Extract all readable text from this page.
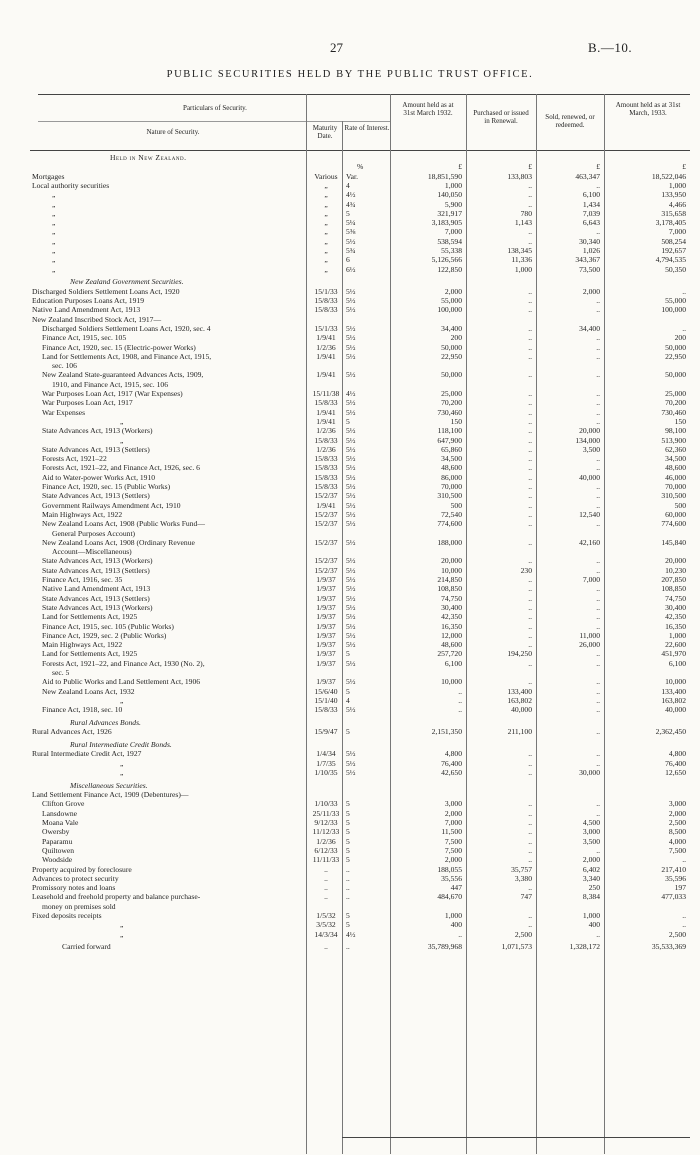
27	B.—10.
PUBLIC SECURITIES HELD BY THE PUBLIC TRUST OFFICE.
Particulars of Security.
Nature of Security.	Maturity Date.
Rate of Interest.
Amount held as at 31st March 1932.	Purchased or issued in Renewal.	Sold, renewed, or redeemed.
Amount held as at 31st March, 1933.
Held in New Zealand.
%	£	£	£	£
Mortgages	Various	Var.	18,851,590	133,803	463,347	18,522,046
Local authority securities	„	4	1,000	..	..	1,000
„	„	4½	140,050	..	6,100	133,950
„	„	4¾	5,900	..	1,434	4,466
„	„	5	321,917	780	7,039	315,658
„	„	5¼	3,183,905	1,143	6,643	3,178,405
„	„	5⅜	7,000	..	..	7,000
„	„	5½	538,594	..	30,340	508,254
„	„	5¾	55,338	138,345	1,026	192,657
„	„	6	5,126,566	11,336	343,367	4,794,535
„	„	6½	122,850	1,000	73,500	50,350
New Zealand Government Securities.
Discharged Soldiers Settlement Loans Act, 1920	15/1/33	5½	2,000	..	2,000	..
Education Purposes Loans Act, 1919	15/8/33	5½	55,000	..	..	55,000
Native Land Amendment Act, 1913	15/8/33	5½	100,000	..	..	100,000
New Zealand Inscribed Stock Act, 1917—
Discharged Soldiers Settlement Loans Act, 1920, sec. 4	15/1/33	5½	34,400	..	34,400	..
Finance Act, 1915, sec. 105	1/9/41	5½	200	..	..	200
Finance Act, 1920, sec. 15 (Electric-power Works)	1/2/36	5½	50,000	..	..	50,000
Land for Settlements Act, 1908, and Finance Act, 1915,	1/9/41	5½	22,950	..	..	22,950
sec. 106
New Zealand State-guaranteed Advances Acts, 1909,	1/9/41	5½	50,000	..	..	50,000
1910, and Finance Act, 1915, sec. 106
War Purposes Loan Act, 1917 (War Expenses)	15/11/38 4½	25,000	..	..	25,000
War Purposes Loan Act, 1917	15/8/33	5½	70,200	..	..	70,200
War Expenses	1/9/41	5½	730,460	..	..	730,460
„	1/9/41	5	150	..	..	150
State Advances Act, 1913 (Workers)	1/2/36	5½	118,100	..	20,000	98,100
„	15/8/33	5½	647,900	..	134,000	513,900
State Advances Act, 1913 (Settlers)	1/2/36	5½	65,860	..	3,500	62,360
Forests Act, 1921–22	15/8/33	5½	34,500	..	..	34,500
Forests Act, 1921–22, and Finance Act, 1926, sec. 6	15/8/33	5½	48,600	..	..	48,600
Aid to Water-power Works Act, 1910	15/8/33	5½	86,000	..	40,000	46,000
Finance Act, 1920, sec. 15 (Public Works)	15/8/33	5½	70,000	..	..	70,000
State Advances Act, 1913 (Settlers)	15/2/37	5½	310,500	..	..	310,500
Government Railways Amendment Act, 1910	1/9/41	5½	500	..	..	500
Main Highways Act, 1922	15/2/37	5½	72,540	..	12,540	60,000
New Zealand Loans Act, 1908 (Public Works Fund—	15/2/37	5½	774,600	..	..	774,600
General Purposes Account)
New Zealand Loans Act, 1908 (Ordinary Revenue	15/2/37	5½	188,000	..	42,160	145,840
Account—Miscellaneous)
State Advances Act, 1913 (Workers)	15/2/37	5½	20,000	..	..	20,000
State Advances Act, 1913 (Settlers)	15/2/37	5½	10,000	230	..	10,230
Finance Act, 1916, sec. 35	1/9/37	5½	214,850	..	7,000	207,850
Native Land Amendment Act, 1913	1/9/37	5½	108,850	..	..	108,850
State Advances Act, 1913 (Settlers)	1/9/37	5½	74,750	..	..	74,750
State Advances Act, 1913 (Workers)	1/9/37	5½	30,400	..	..	30,400
Land for Settlements Act, 1925	1/9/37	5½	42,350	..	..	42,350
Finance Act, 1915, sec. 105 (Public Works)	1/9/37	5½	16,350	..	..	16,350
Finance Act, 1929, sec. 2 (Public Works)	1/9/37	5½	12,000	..	11,000	1,000
Main Highways Act, 1922	1/9/37	5½	48,600	..	26,000	22,600
Land for Settlements Act, 1925	1/9/37	5	257,720	194,250	..	451,970
Forests Act, 1921–22, and Finance Act, 1930 (No. 2),	1/9/37	5½	6,100	..	..	6,100
sec. 5
Aid to Public Works and Land Settlement Act, 1906	1/9/37	5½	10,000	..	..	10,000
New Zealand Loans Act, 1932	15/6/40	5	..	133,400	..	133,400
„	15/1/40	4	..	163,802	..	163,802
Finance Act, 1918, sec. 10	15/8/33	5½	..	40,000	..	40,000
Rural Advances Bonds.
Rural Advances Act, 1926	15/9/47	5	2,151,350	211,100	..	2,362,450
Rural Intermediate Credit Bonds.
Rural Intermediate Credit Act, 1927	1/4/34	5½	4,800	..	..	4,800
„	1/7/35	5½	76,400	..	..	76,400
„	1/10/35	5½	42,650	..	30,000	12,650
Miscellaneous Securities.
Land Settlement Finance Act, 1909 (Debentures)—
Clifton Grove	1/10/33	5	3,000	..	..	3,000
Lansdowne	25/11/33 5	2,000	..	..	2,000
Moana Vale	9/12/33	5	7,000	..	4,500	2,500
Owersby	11/12/33 5	11,500	..	3,000	8,500
Paparamu	1/2/36	5	7,500	..	3,500	4,000
Quiltowen	6/12/33	5	7,500	..	..	7,500
Woodside	11/11/33 5	2,000	..	2,000	..
Property acquired by foreclosure	..	..	188,055	35,757	6,402	217,410
Advances to protect security	..	..	35,556	3,380	3,340	35,596
Promissory notes and loans	..	..	447	..	250	197
Leasehold and freehold property and balance purchase-	..	..	484,670	747	8,384	477,033
money on premises sold
Fixed deposits receipts	1/5/32	5	1,000	..	1,000	..
„	3/5/32	5	400	..	400	..
„	14/3/34	4½	..	2,500	..	2,500
Carried forward	..	..	35,789,968	1,071,573	1,328,172	35,533,369
